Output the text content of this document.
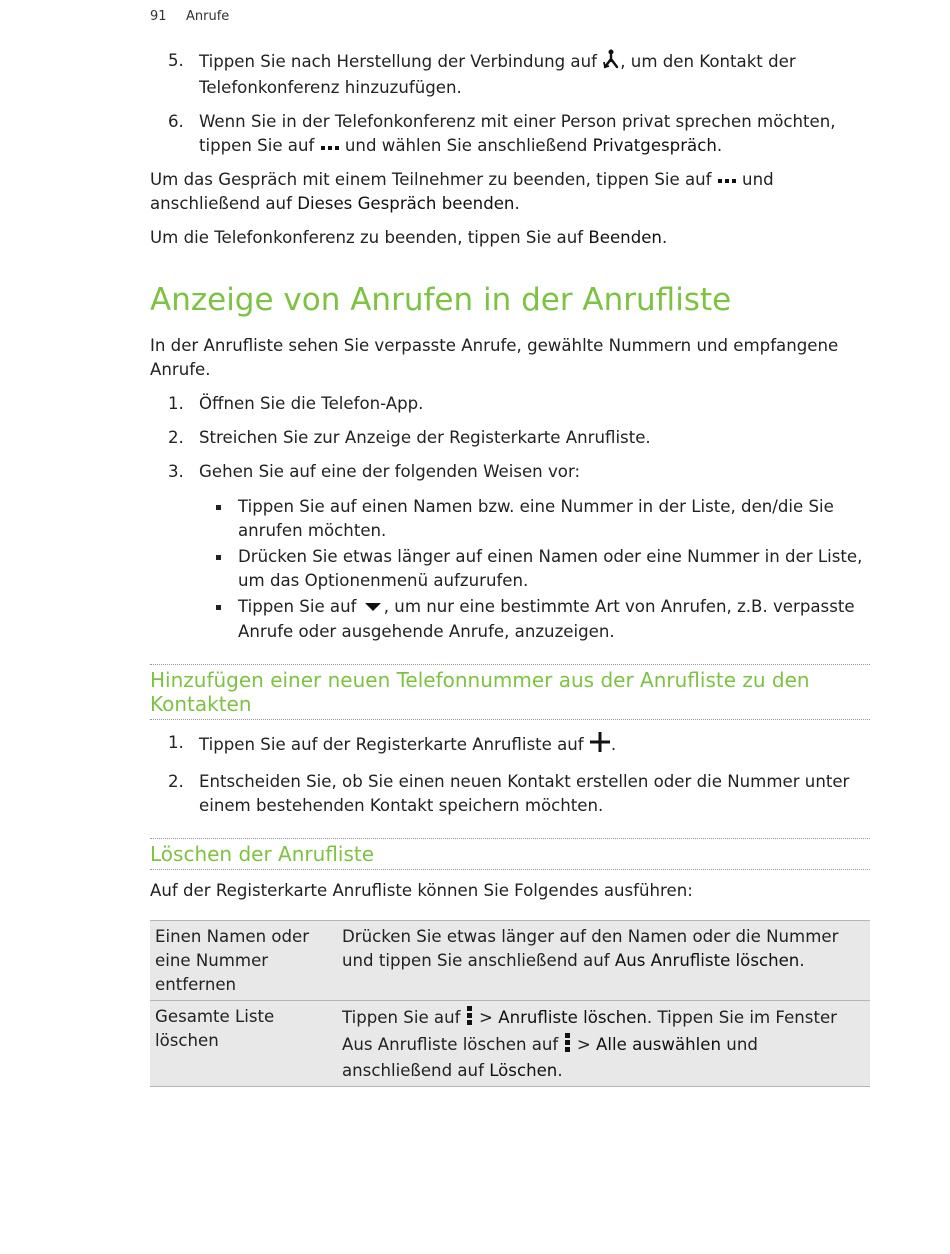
91 Anrufe
5. Tippen Sie nach Herstellung der Verbindung auf , um den Kontakt der Telefonkonferenz hinzuzufügen.
6. Wenn Sie in der Telefonkonferenz mit einer Person privat sprechen möchten, tippen Sie auf und wählen Sie anschließend Privatgespräch.

Um das Gespräch mit einem Teilnehmer zu beenden, tippen Sie auf und anschließend auf Dieses Gespräch beenden.

Um die Telefonkonferenz zu beenden, tippen Sie auf Beenden.

Anzeige von Anrufen in der Anrufliste

In der Anrufliste sehen Sie verpasste Anrufe, gewählte Nummern und empfangene Anrufe.

1. Öffnen Sie die Telefon-App.
2. Streichen Sie zur Anzeige der Registerkarte Anrufliste.
3. Gehen Sie auf eine der folgenden Weisen vor:
Tippen Sie auf einen Namen bzw. eine Nummer in der Liste, den/die Sie anrufen möchten.
Drücken Sie etwas länger auf einen Namen oder eine Nummer in der Liste, um das Optionenmenü aufzurufen.
Tippen Sie auf , um nur eine bestimmte Art von Anrufen, z.B. verpasste Anrufe oder ausgehende Anrufe, anzuzeigen.
Hinzufügen einer neuen Telefonnummer aus der Anrufliste zu den Kontakten
1. Tippen Sie auf der Registerkarte Anrufliste auf .
2. Entscheiden Sie, ob Sie einen neuen Kontakt erstellen oder die Nummer unter einem bestehenden Kontakt speichern möchten.
Löschen der Anrufliste

Auf der Registerkarte Anrufliste können Sie Folgendes ausführen:

Einen Namen oder eine Nummer entfernen	Drücken Sie etwas länger auf den Namen oder die Nummer und tippen Sie anschließend auf Aus Anrufliste löschen.
Gesamte Liste löschen	Tippen Sie auf > Anrufliste löschen. Tippen Sie im Fenster Aus Anrufliste löschen auf > Alle auswählen und anschließend auf Löschen.
